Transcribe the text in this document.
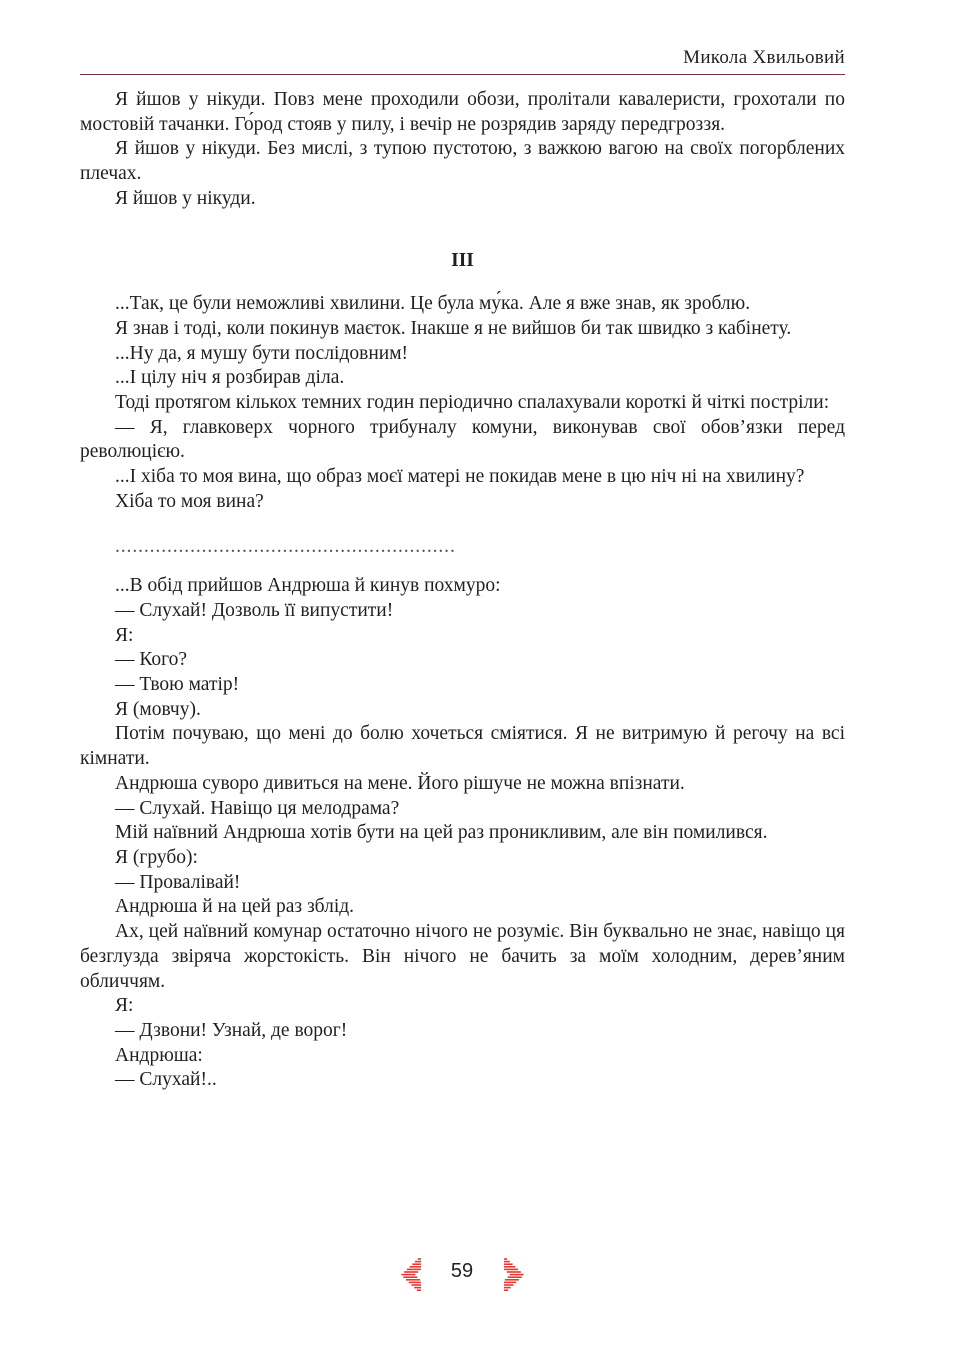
Микола Хвильовий

Я йшов у нікуди. Повз мене проходили обози, пролітали кавалеристи, грохотали по мостовій тачанки. Го́род стояв у пилу, і вечір не розрядив заряду передгроззя.

Я йшов у нікуди. Без мислі, з тупою пустотою, з важкою вагою на своїх погорблених плечах.

Я йшов у нікуди.

III

...Так, це були неможливі хвилини. Це була му́ка. Але я вже знав, як зроблю.

Я знав і тоді, коли покинув маєток. Інакше я не вийшов би так швидко з кабінету.

...Ну да, я мушу бути послідовним!

...І цілу ніч я розбирав діла.

Тоді протягом кількох темних годин періодично спалахували короткі й чіткі постріли:

— Я, главковерх чорного трибуналу комуни, виконував свої обов’язки перед революцією.

...І хіба то моя вина, що образ моєї матері не покидав мене в цю ніч ні на хвилину?

Хіба то моя вина?

...........................................................

...В обід прийшов Андрюша й кинув похмуро:

— Слухай! Дозволь її випустити!

Я:

— Кого?

— Твою матір!

Я (мовчу).

Потім почуваю, що мені до болю хочеться сміятися. Я не витримую й регочу на всі кімнати.

Андрюша суворо дивиться на мене. Його рішуче не можна впізнати.

— Слухай. Навіщо ця мелодрама?

Мій наївний Андрюша хотів бути на цей раз проникливим, але він помилився.

Я (грубо):

— Провалівай!

Андрюша й на цей раз зблід.

Ах, цей наївний комунар остаточно нічого не розуміє. Він буквально не знає, навіщо ця безглузда звіряча жорстокість. Він нічого не бачить за моїм холодним, дерев’яним обличчям.

Я:

— Дзвони! Узнай, де ворог!

Андрюша:

— Слухай!..

59
